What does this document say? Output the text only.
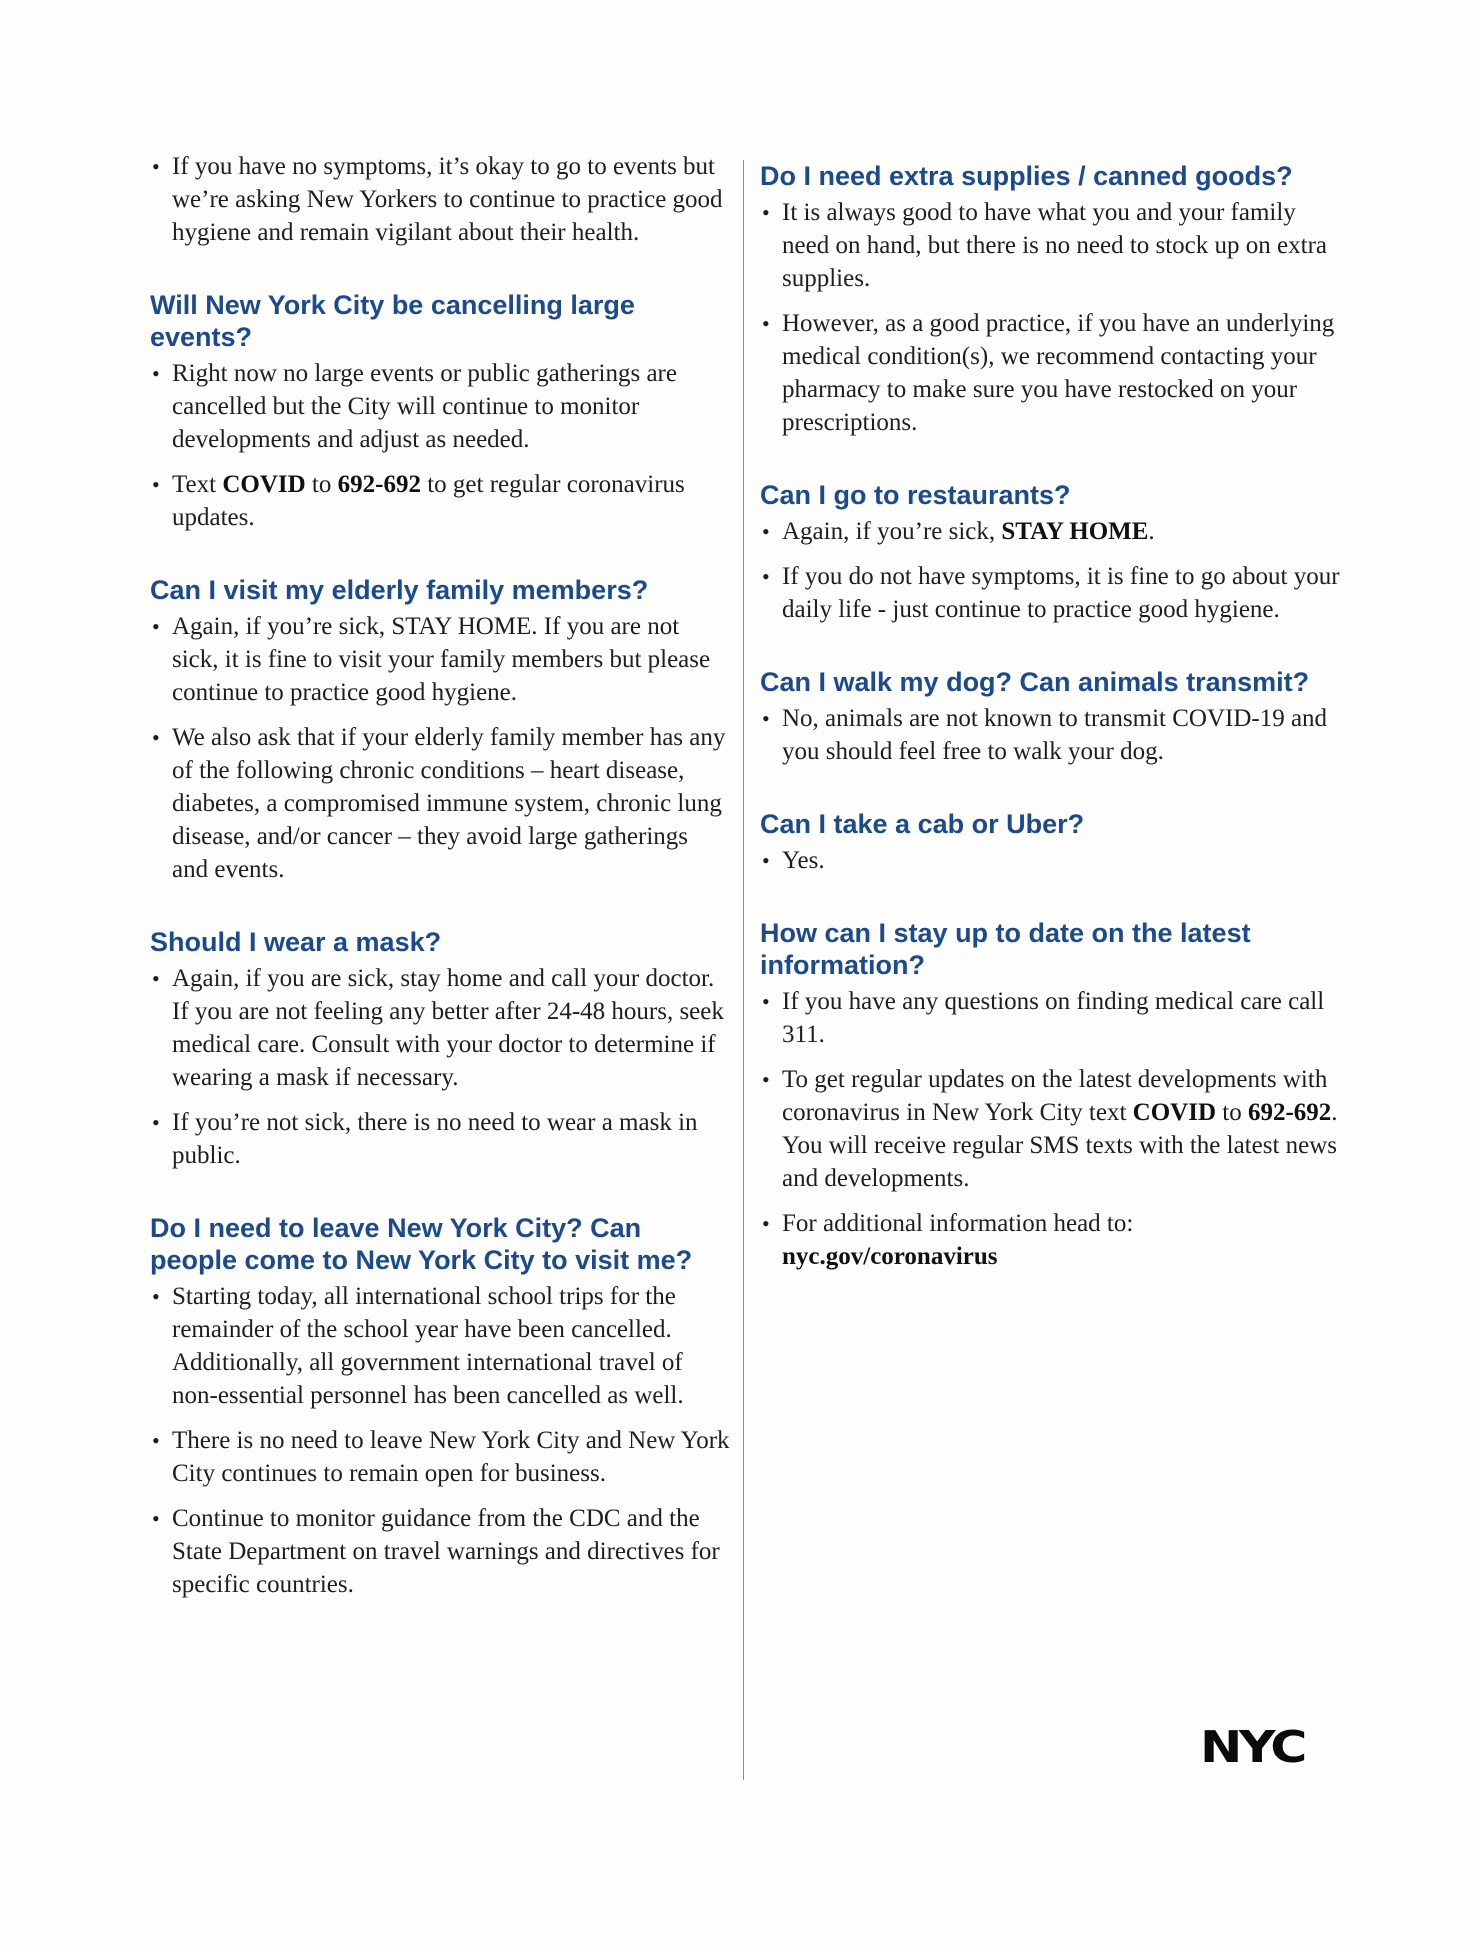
• If you have no symptoms, it’s okay to go to events but we’re asking New Yorkers to continue to practice good hygiene and remain vigilant about their health.
Will New York City be cancelling large events?
• Right now no large events or public gatherings are cancelled but the City will continue to monitor developments and adjust as needed.
• Text COVID to 692-692 to get regular coronavirus updates.
Can I visit my elderly family members?
• Again, if you’re sick, STAY HOME. If you are not sick, it is fine to visit your family members but please continue to practice good hygiene.
• We also ask that if your elderly family member has any of the following chronic conditions – heart disease, diabetes, a compromised immune system, chronic lung disease, and/or cancer – they avoid large gatherings and events.
Should I wear a mask?
• Again, if you are sick, stay home and call your doctor. If you are not feeling any better after 24-48 hours, seek medical care. Consult with your doctor to determine if wearing a mask if necessary.
• If you’re not sick, there is no need to wear a mask in public.
Do I need to leave New York City? Can people come to New York City to visit me?
• Starting today, all international school trips for the remainder of the school year have been cancelled. Additionally, all government international travel of non-essential personnel has been cancelled as well.
• There is no need to leave New York City and New York City continues to remain open for business.
• Continue to monitor guidance from the CDC and the State Department on travel warnings and directives for specific countries.
Do I need extra supplies / canned goods?
• It is always good to have what you and your family need on hand, but there is no need to stock up on extra supplies.
• However, as a good practice, if you have an underlying medical condition(s), we recommend contacting your pharmacy to make sure you have restocked on your prescriptions.
Can I go to restaurants?
• Again, if you’re sick, STAY HOME.
• If you do not have symptoms, it is fine to go about your daily life - just continue to practice good hygiene.
Can I walk my dog? Can animals transmit?
• No, animals are not known to transmit COVID-19 and you should feel free to walk your dog.
Can I take a cab or Uber?
• Yes.
How can I stay up to date on the latest information?
• If you have any questions on finding medical care call 311.
• To get regular updates on the latest developments with coronavirus in New York City text COVID to 692-692. You will receive regular SMS texts with the latest news and developments.
• For additional information head to:
nyc.gov/coronavirus
NYC
